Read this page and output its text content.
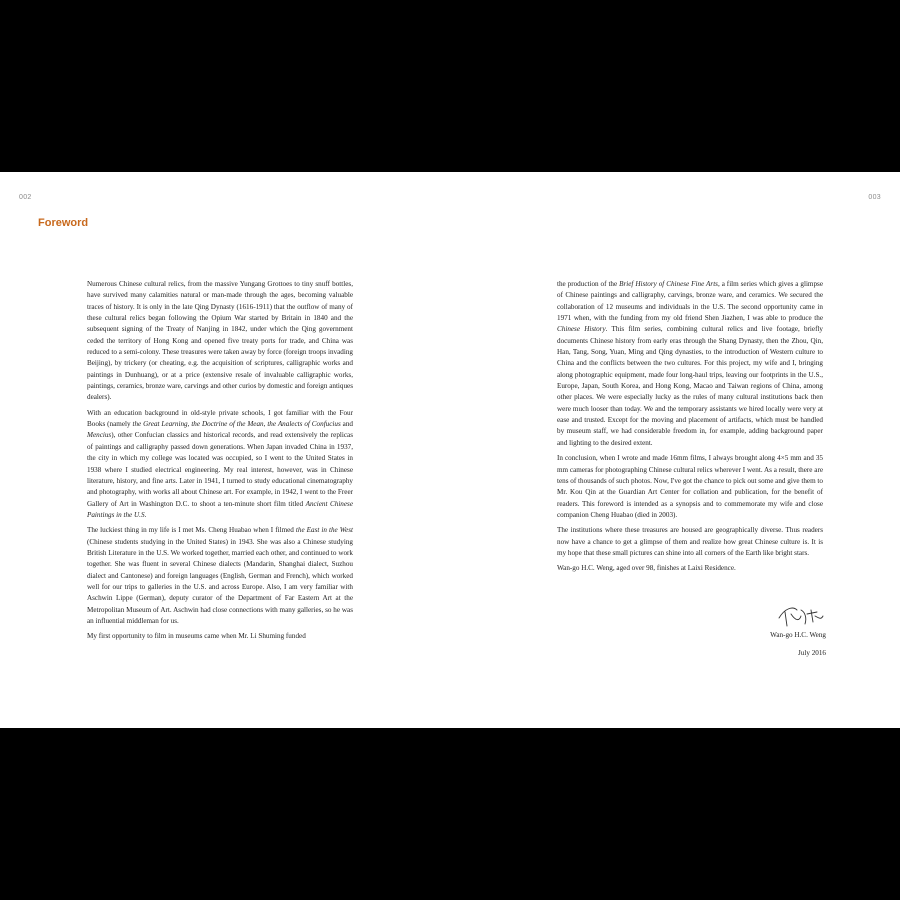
002	003
Foreword

Numerous Chinese cultural relics, from the massive Yungang Grottoes to tiny snuff bottles, have survived many calamities natural or man-made through the ages, becoming valuable traces of history. It is only in the late Qing Dynasty (1616-1911) that the outflow of many of these cultural relics began following the Opium War started by Britain in 1840 and the subsequent signing of the Treaty of Nanjing in 1842, under which the Qing government ceded the territory of Hong Kong and opened five treaty ports for trade, and China was reduced to a semi-colony. These treasures were taken away by force (foreign troops invading Beijing), by trickery (or cheating, e.g. the acquisition of scriptures, calligraphic works and paintings in Dunhuang), or at a price (extensive resale of invaluable calligraphic works, paintings, ceramics, bronze ware, carvings and other curios by domestic and foreign antiques dealers).

With an education background in old-style private schools, I got familiar with the Four Books (namely the Great Learning, the Doctrine of the Mean, the Analects of Confucius and Mencius), other Confucian classics and historical records, and read extensively the replicas of paintings and calligraphy passed down generations. When Japan invaded China in 1937, the city in which my college was located was occupied, so I went to the United States in 1938 where I studied electrical engineering. My real interest, however, was in Chinese literature, history, and fine arts. Later in 1941, I turned to study educational cinematography and photography, with works all about Chinese art. For example, in 1942, I went to the Freer Gallery of Art in Washington D.C. to shoot a ten-minute short film titled Ancient Chinese Paintings in the U.S.

The luckiest thing in my life is I met Ms. Cheng Huabao when I filmed the East in the West (Chinese students studying in the United States) in 1943. She was also a Chinese studying British Literature in the U.S. We worked together, married each other, and continued to work together. She was fluent in several Chinese dialects (Mandarin, Shanghai dialect, Suzhou dialect and Cantonese) and foreign languages (English, German and French), which worked well for our trips to galleries in the U.S. and across Europe. Also, I am very familiar with Aschwin Lippe (German), deputy curator of the Department of Far Eastern Art at the Metropolitan Museum of Art. Aschwin had close connections with many galleries, so he was an influential middleman for us.

My first opportunity to film in museums came when Mr. Li Shuming funded

the production of the Brief History of Chinese Fine Arts, a film series which gives a glimpse of Chinese paintings and calligraphy, carvings, bronze ware, and ceramics. We secured the collaboration of 12 museums and individuals in the U.S. The second opportunity came in 1971 when, with the funding from my old friend Shen Jiazhen, I was able to produce the Chinese History. This film series, combining cultural relics and live footage, briefly documents Chinese history from early eras through the Shang Dynasty, then the Zhou, Qin, Han, Tang, Song, Yuan, Ming and Qing dynasties, to the introduction of Western culture to China and the conflicts between the two cultures. For this project, my wife and I, bringing along photographic equipment, made four long-haul trips, leaving our footprints in the U.S., Europe, Japan, South Korea, and Hong Kong, Macao and Taiwan regions of China, among other places. We were especially lucky as the rules of many cultural institutions back then were much looser than today. We and the temporary assistants we hired locally were very at ease and trusted. Except for the moving and placement of artifacts, which must be handled by museum staff, we had considerable freedom in, for example, adding background paper and lighting to the desired extent.

In conclusion, when I wrote and made 16mm films, I always brought along 4×5 mm and 35 mm cameras for photographing Chinese cultural relics wherever I went. As a result, there are tens of thousands of such photos. Now, I've got the chance to pick out some and give them to Mr. Kou Qin at the Guardian Art Center for collation and publication, for the benefit of readers. This foreword is intended as a synopsis and to commemorate my wife and close companion Cheng Huabao (died in 2003).

The institutions where these treasures are housed are geographically diverse. Thus readers now have a chance to get a glimpse of them and realize how great Chinese culture is. It is my hope that these small pictures can shine into all corners of the Earth like bright stars.

Wan-go H.C. Weng, aged over 98, finishes at Laixi Residence.

Wan-go H.C. Weng
July 2016
